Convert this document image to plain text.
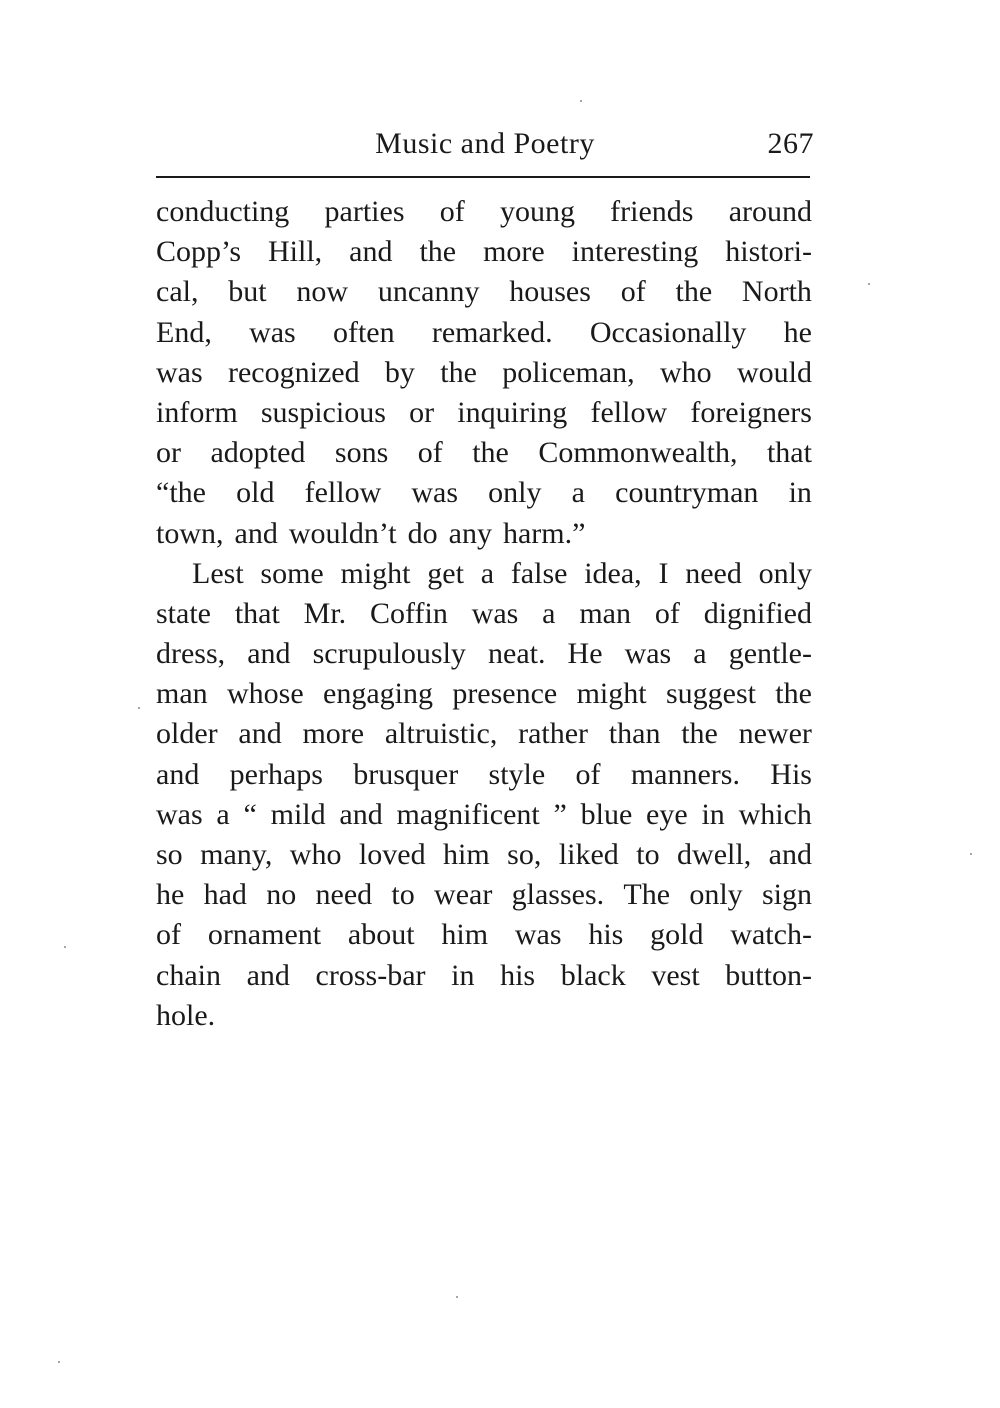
Music and Poetry	267
conducting parties of young friends around
Copp’s Hill, and the more interesting histori-
cal, but now uncanny houses of the North
End, was often remarked. Occasionally he
was recognized by the policeman, who would
inform suspicious or inquiring fellow foreigners
or adopted sons of the Commonwealth, that
“the old fellow was only a countryman in
town, and wouldn’t do any harm.”
Lest some might get a false idea, I need only
state that Mr. Coffin was a man of dignified
dress, and scrupulously neat. He was a gentle-
man whose engaging presence might suggest the
older and more altruistic, rather than the newer
and perhaps brusquer style of manners. His
was a “ mild and magnificent ” blue eye in which
so many, who loved him so, liked to dwell, and
he had no need to wear glasses. The only sign
of ornament about him was his gold watch-
chain and cross-bar in his black vest button-
hole.
